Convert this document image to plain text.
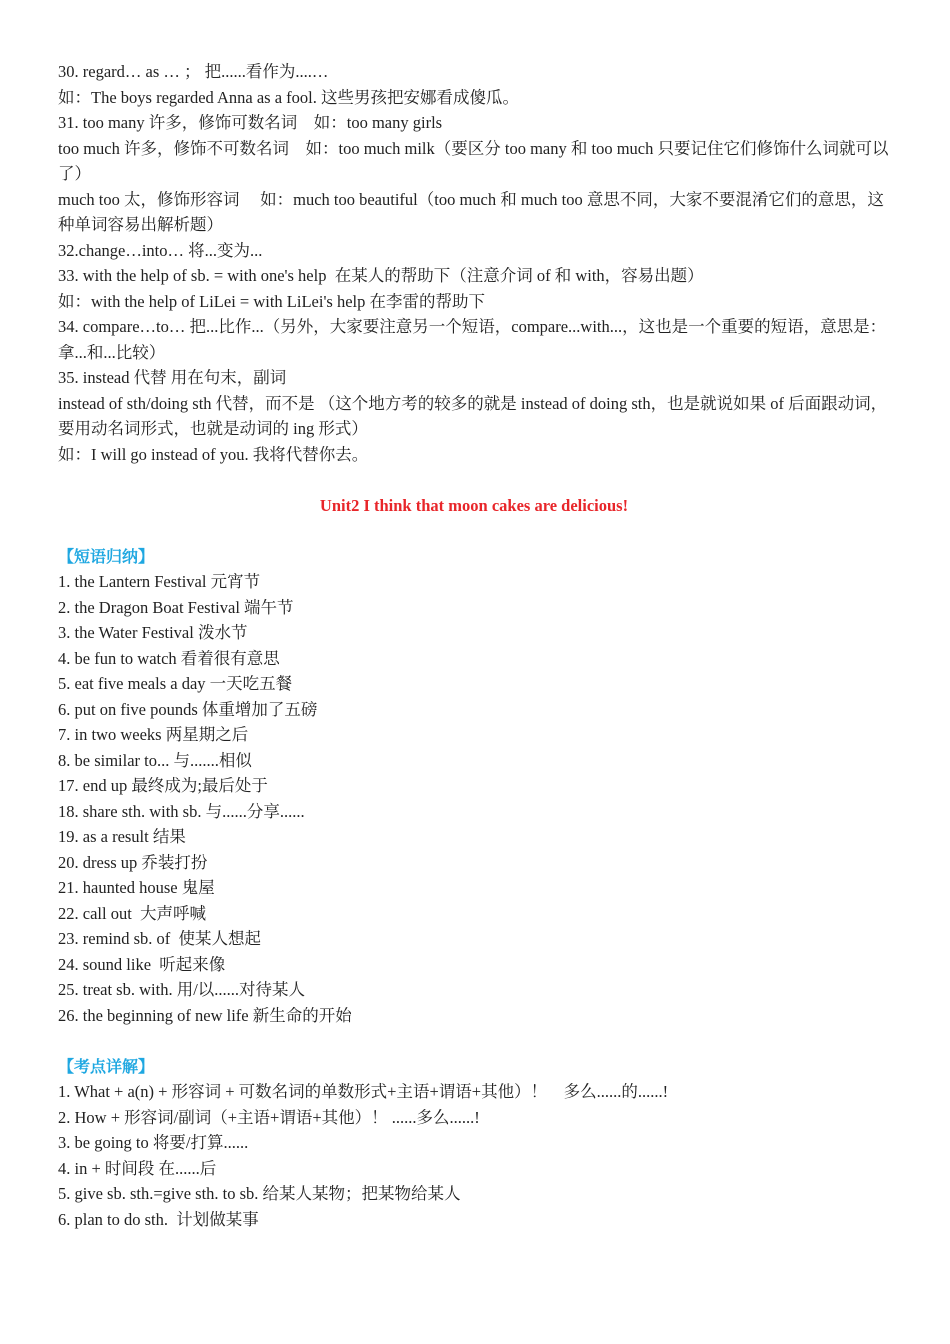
30. regard… as … ； 把......看作为....…

如：The boys regarded Anna as a fool. 这些男孩把安娜看成傻瓜。

31. too many 许多，修饰可数名词　如：too many girls

too much 许多，修饰不可数名词　如：too much milk（要区分 too many 和 too much 只要记住它们修饰什么词就可以了）

much too 太，修饰形容词　 如：much too beautiful（too much 和 much too 意思不同，大家不要混淆它们的意思，这种单词容易出解析题）

32.change…into… 将...变为...

33. with the help of sb. = with one's help  在某人的帮助下（注意介词 of 和 with，容易出题）

如：with the help of LiLei = with LiLei's help 在李雷的帮助下

34. compare…to… 把...比作...（另外，大家要注意另一个短语，compare...with...，这也是一个重要的短语，意思是：拿...和...比较）

35. instead 代替 用在句末，副词

instead of sth/doing sth 代替，而不是 （这个地方考的较多的就是 instead of doing sth，也是就说如果 of 后面跟动词，要用动名词形式，也就是动词的 ing 形式）

如：I will go instead of you. 我将代替你去。

Unit2 I think that moon cakes are delicious!
【短语归纳】

1. the Lantern Festival 元宵节

2. the Dragon Boat Festival 端午节

3. the Water Festival 泼水节

4. be fun to watch 看着很有意思

5. eat five meals a day 一天吃五餐

6. put on five pounds 体重增加了五磅

7. in two weeks 两星期之后

8. be similar to... 与.......相似

17. end up 最终成为;最后处于

18. share sth. with sb. 与......分享......

19. as a result 结果

20. dress up 乔装打扮

21. haunted house 鬼屋

22. call out  大声呼喊

23. remind sb. of  使某人想起

24. sound like  听起来像

25. treat sb. with. 用/以......对待某人

26. the beginning of new life 新生命的开始

【考点详解】

1. What + a(n) + 形容词 + 可数名词的单数形式+主语+谓语+其他）！　多么......的......!

2. How + 形容词/副词（+主语+谓语+其他）！ ......多么......!

3. be going to 将要/打算......

4. in + 时间段 在......后

5. give sb. sth.=give sth. to sb. 给某人某物；把某物给某人

6. plan to do sth.  计划做某事
